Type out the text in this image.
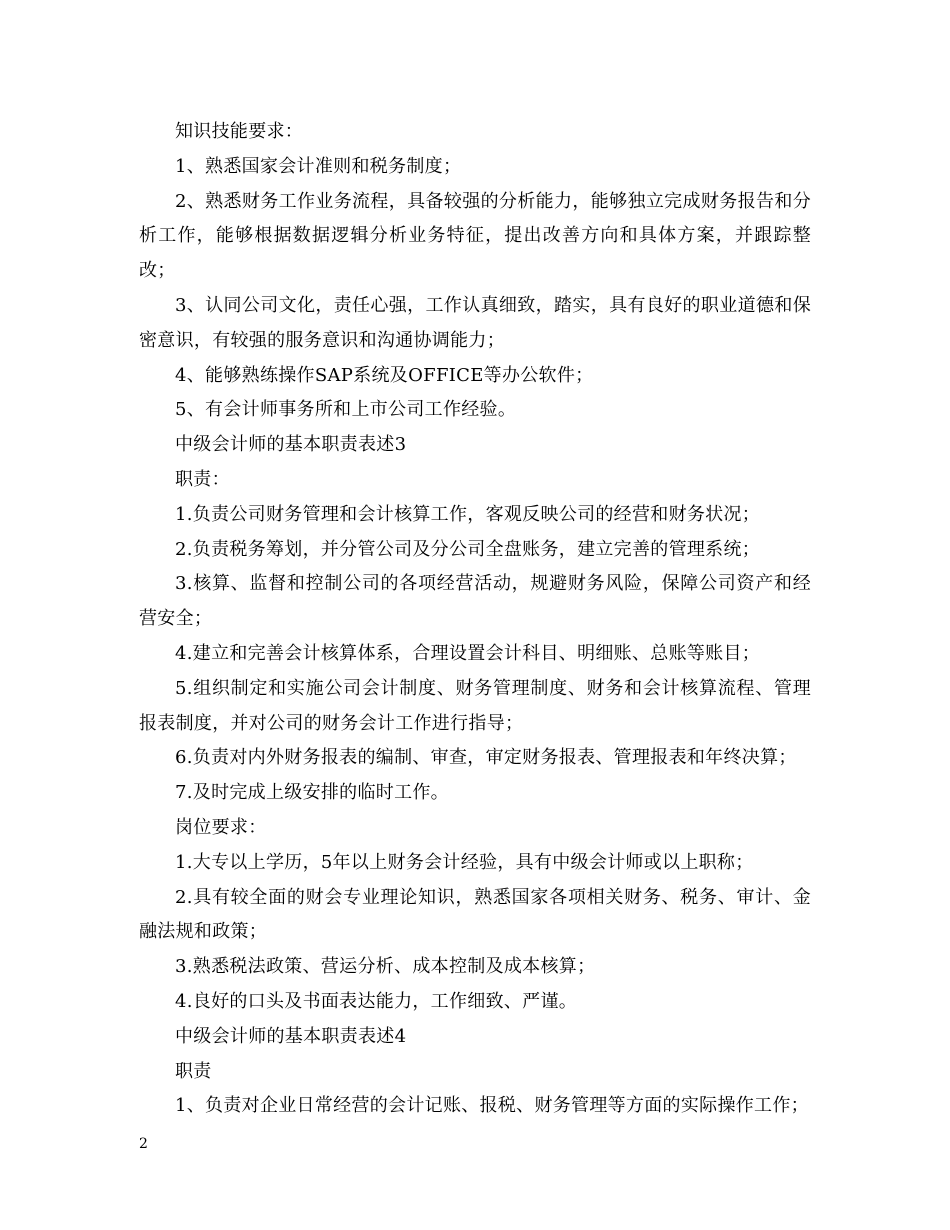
知识技能要求：

1、熟悉国家会计准则和税务制度；

2、熟悉财务工作业务流程，具备较强的分析能力，能够独立完成财务报告和分析工作，能够根据数据逻辑分析业务特征，提出改善方向和具体方案，并跟踪整改；

3、认同公司文化，责任心强，工作认真细致，踏实，具有良好的职业道德和保密意识，有较强的服务意识和沟通协调能力；

4、能够熟练操作SAP系统及OFFICE等办公软件；

5、有会计师事务所和上市公司工作经验。

中级会计师的基本职责表述3

职责：

1.负责公司财务管理和会计核算工作，客观反映公司的经营和财务状况；

2.负责税务筹划，并分管公司及分公司全盘账务，建立完善的管理系统；

3.核算、监督和控制公司的各项经营活动，规避财务风险，保障公司资产和经营安全；

4.建立和完善会计核算体系，合理设置会计科目、明细账、总账等账目；

5.组织制定和实施公司会计制度、财务管理制度、财务和会计核算流程、管理报表制度，并对公司的财务会计工作进行指导；

6.负责对内外财务报表的编制、审查，审定财务报表、管理报表和年终决算；

7.及时完成上级安排的临时工作。

岗位要求：

1.大专以上学历，5年以上财务会计经验，具有中级会计师或以上职称；

2.具有较全面的财会专业理论知识，熟悉国家各项相关财务、税务、审计、金融法规和政策；

3.熟悉税法政策、营运分析、成本控制及成本核算；

4.良好的口头及书面表达能力，工作细致、严谨。

中级会计师的基本职责表述4

职责

1、负责对企业日常经营的会计记账、报税、财务管理等方面的实际操作工作；

2
